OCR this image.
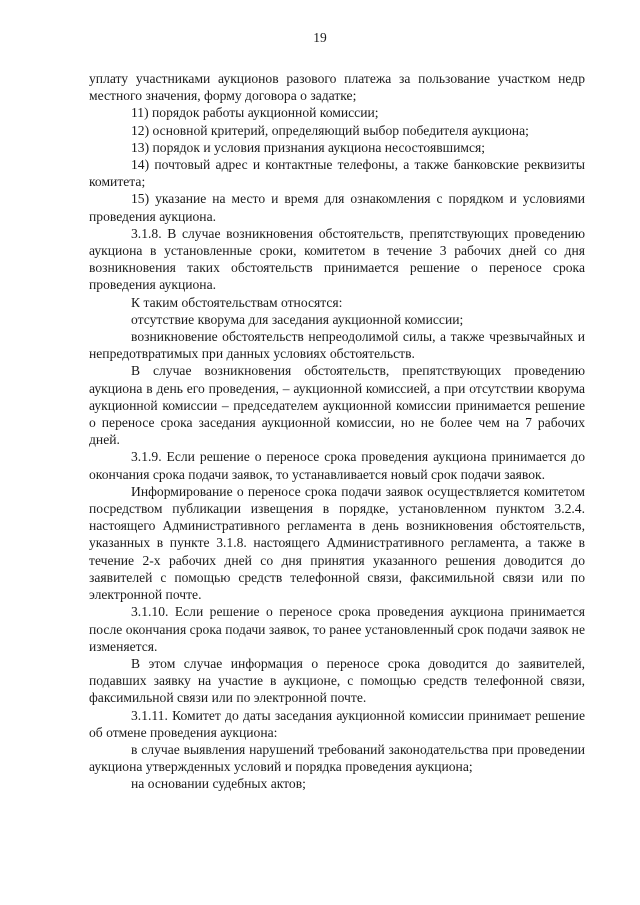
19

уплату участниками аукционов разового платежа за пользование участком недр местного значения, форму договора о задатке;

11) порядок работы аукционной комиссии;

12) основной критерий, определяющий выбор победителя аукциона;

13) порядок и условия признания аукциона несостоявшимся;

14) почтовый адрес и контактные телефоны, а также банковские реквизиты комитета;

15) указание на место и время для ознакомления с порядком и условиями проведения аукциона.

3.1.8. В случае возникновения обстоятельств, препятствующих проведению аукциона в установленные сроки, комитетом в течение 3 рабочих дней со дня возникновения таких обстоятельств принимается решение о переносе срока проведения аукциона.

К таким обстоятельствам относятся:

отсутствие кворума для заседания аукционной комиссии;

возникновение обстоятельств непреодолимой силы, а также чрезвычайных и непредотвратимых при данных условиях обстоятельств.

В случае возникновения обстоятельств, препятствующих проведению аукциона в день его проведения, – аукционной комиссией, а при отсутствии кворума аукционной комиссии – председателем аукционной комиссии принимается решение о переносе срока заседания аукционной комиссии, но не более чем на 7 рабочих дней.

3.1.9. Если решение о переносе срока проведения аукциона принимается до окончания срока подачи заявок, то устанавливается новый срок подачи заявок.

Информирование о переносе срока подачи заявок осуществляется комитетом посредством публикации извещения в порядке, установленном пунктом 3.2.4. настоящего Административного регламента в день возникновения обстоятельств, указанных в пункте 3.1.8. настоящего Административного регламента, а также в течение 2-х рабочих дней со дня принятия указанного решения доводится до заявителей с помощью средств телефонной связи, факсимильной связи или по электронной почте.

3.1.10. Если решение о переносе срока проведения аукциона принимается после окончания срока подачи заявок, то ранее установленный срок подачи заявок не изменяется.

В этом случае информация о переносе срока доводится до заявителей, подавших заявку на участие в аукционе, с помощью средств телефонной связи, факсимильной связи или по электронной почте.

3.1.11. Комитет до даты заседания аукционной комиссии принимает решение об отмене проведения аукциона:

в случае выявления нарушений требований законодательства при проведении аукциона утвержденных условий и порядка проведения аукциона;

на основании судебных актов;
